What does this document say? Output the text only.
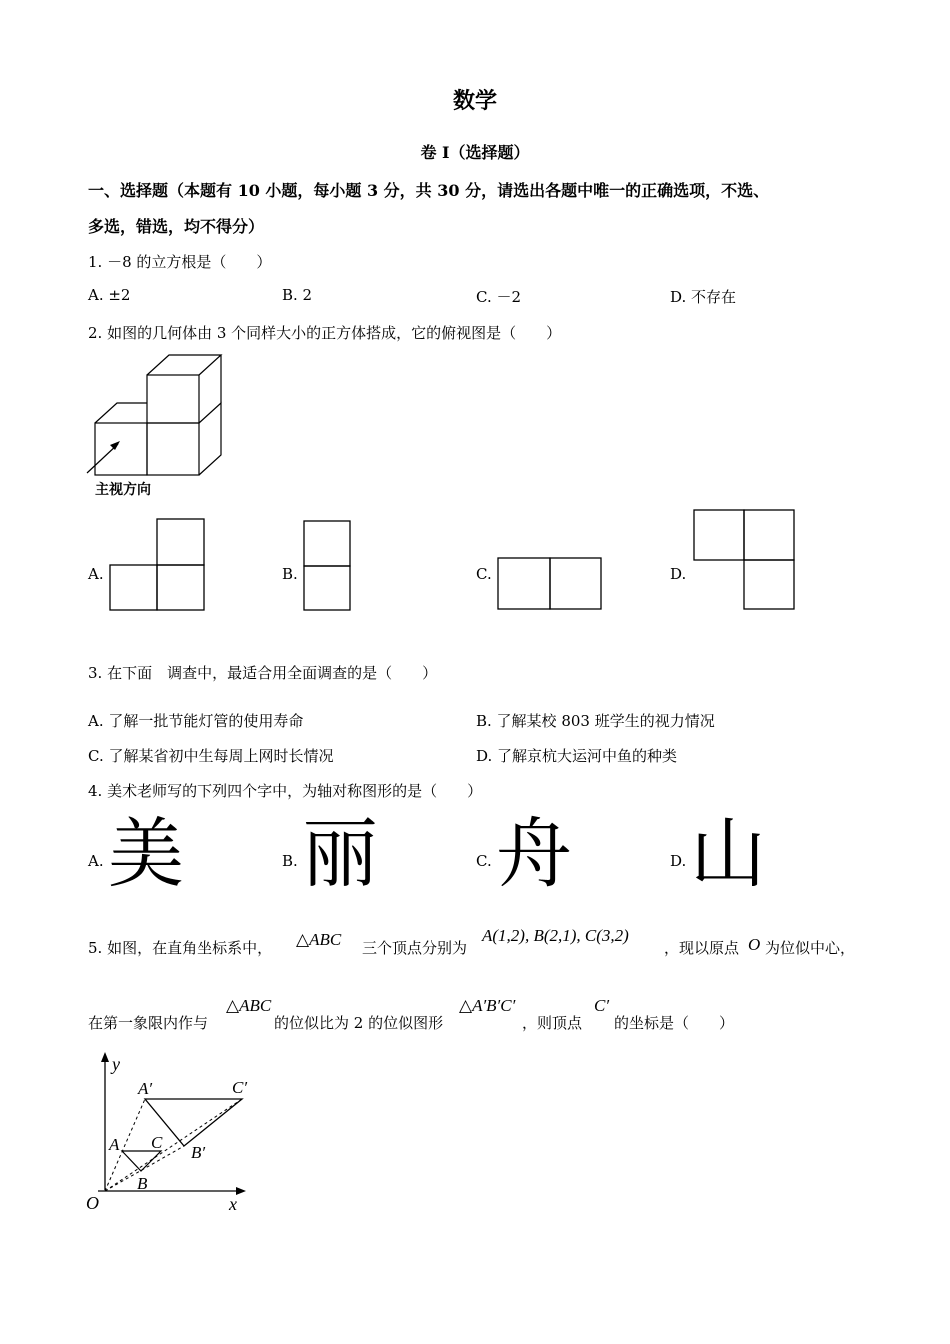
数学
卷 I（选择题）
一、选择题（本题有 10 小题，每小题 3 分，共 30 分，请选出各题中唯一的正确选项，不选、
多选，错选，均不得分）
1. －8 的立方根是（　　）
A. ±2	B. 2	C. －2	D. 不存在
2. 如图的几何体由 3 个同样大小的正方体搭成，它的俯视图是（　　）
主视方向
A.	B.	C.	D.
3. 在下面　调查中，最适合用全面调查的是（　　）
A. 了解一批节能灯管的使用寿命	B. 了解某校 803 班学生的视力情况
C. 了解某省初中生每周上网时长情况	D. 了解京杭大运河中鱼的种类
4. 美术老师写的下列四个字中，为轴对称图形的是（　　）
A. 美	B. 丽	C. 舟	D. 山
5. 如图，在直角坐标系中， △ABC 三个顶点分别为
A(1,2), B(2,1), C(3,2)
，现以原点 O 为位似中心，
在第一象限内作与
△ABC
的位似比为 2 的位似图形
△A′B′C′
，则顶点
C′
的坐标是（　　）
y
x
O
A
B
C
A′
B′
C′
